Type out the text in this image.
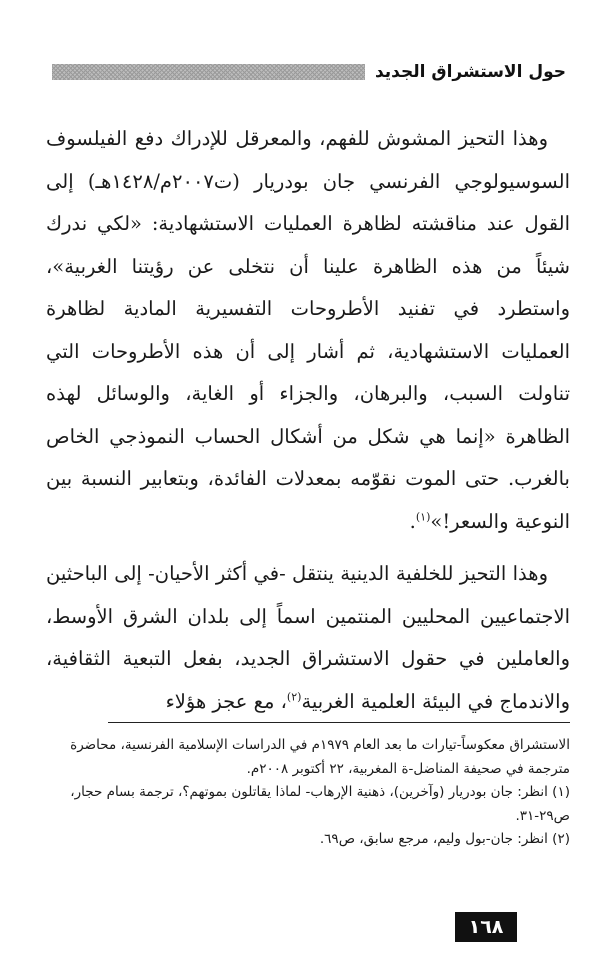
حول الاستشراق الجديد

وهذا التحيز المشوش للفهم، والمعرقل للإدراك دفع الفيلسوف السوسيولوجي الفرنسي جان بودريار (ت٢٠٠٧م/١٤٢٨هـ) إلى القول عند مناقشته لظاهرة العمليات الاستشهادية: «لكي ندرك شيئاً من هذه الظاهرة علينا أن نتخلى عن رؤيتنا الغربية»، واستطرد في تفنيد الأطروحات التفسيرية المادية لظاهرة العمليات الاستشهادية، ثم أشار إلى أن هذه الأطروحات التي تناولت السبب، والبرهان، والجزاء أو الغاية، والوسائل لهذه الظاهرة «إنما هي شكل من أشكال الحساب النموذجي الخاص بالغرب. حتى الموت نقوّمه بمعدلات الفائدة، وبتعابير النسبة بين النوعية والسعر!»$^{(١)}$.

وهذا التحيز للخلفية الدينية ينتقل -في أكثر الأحيان- إلى الباحثين الاجتماعيين المحليين المنتمين اسماً إلى بلدان الشرق الأوسط، والعاملين في حقول الاستشراق الجديد، بفعل التبعية الثقافية، والاندماج في البيئة العلمية الغربية$^{(٢)}$، مع عجز هؤلاء

الاستشراق معكوساً-تيارات ما بعد العام ١٩٧٩م في الدراسات الإسلامية الفرنسية، محاضرة مترجمة في صحيفة المناضل-ة المغربية، ٢٢ أكتوبر ٢٠٠٨م.

(١) انظر: جان بودريار (وآخرين)، ذهنية الإرهاب- لماذا يقاتلون بموتهم؟، ترجمة بسام حجار، ص٢٩-٣١.

(٢) انظر: جان-بول وليم، مرجع سابق، ص٦٩.

١٦٨
